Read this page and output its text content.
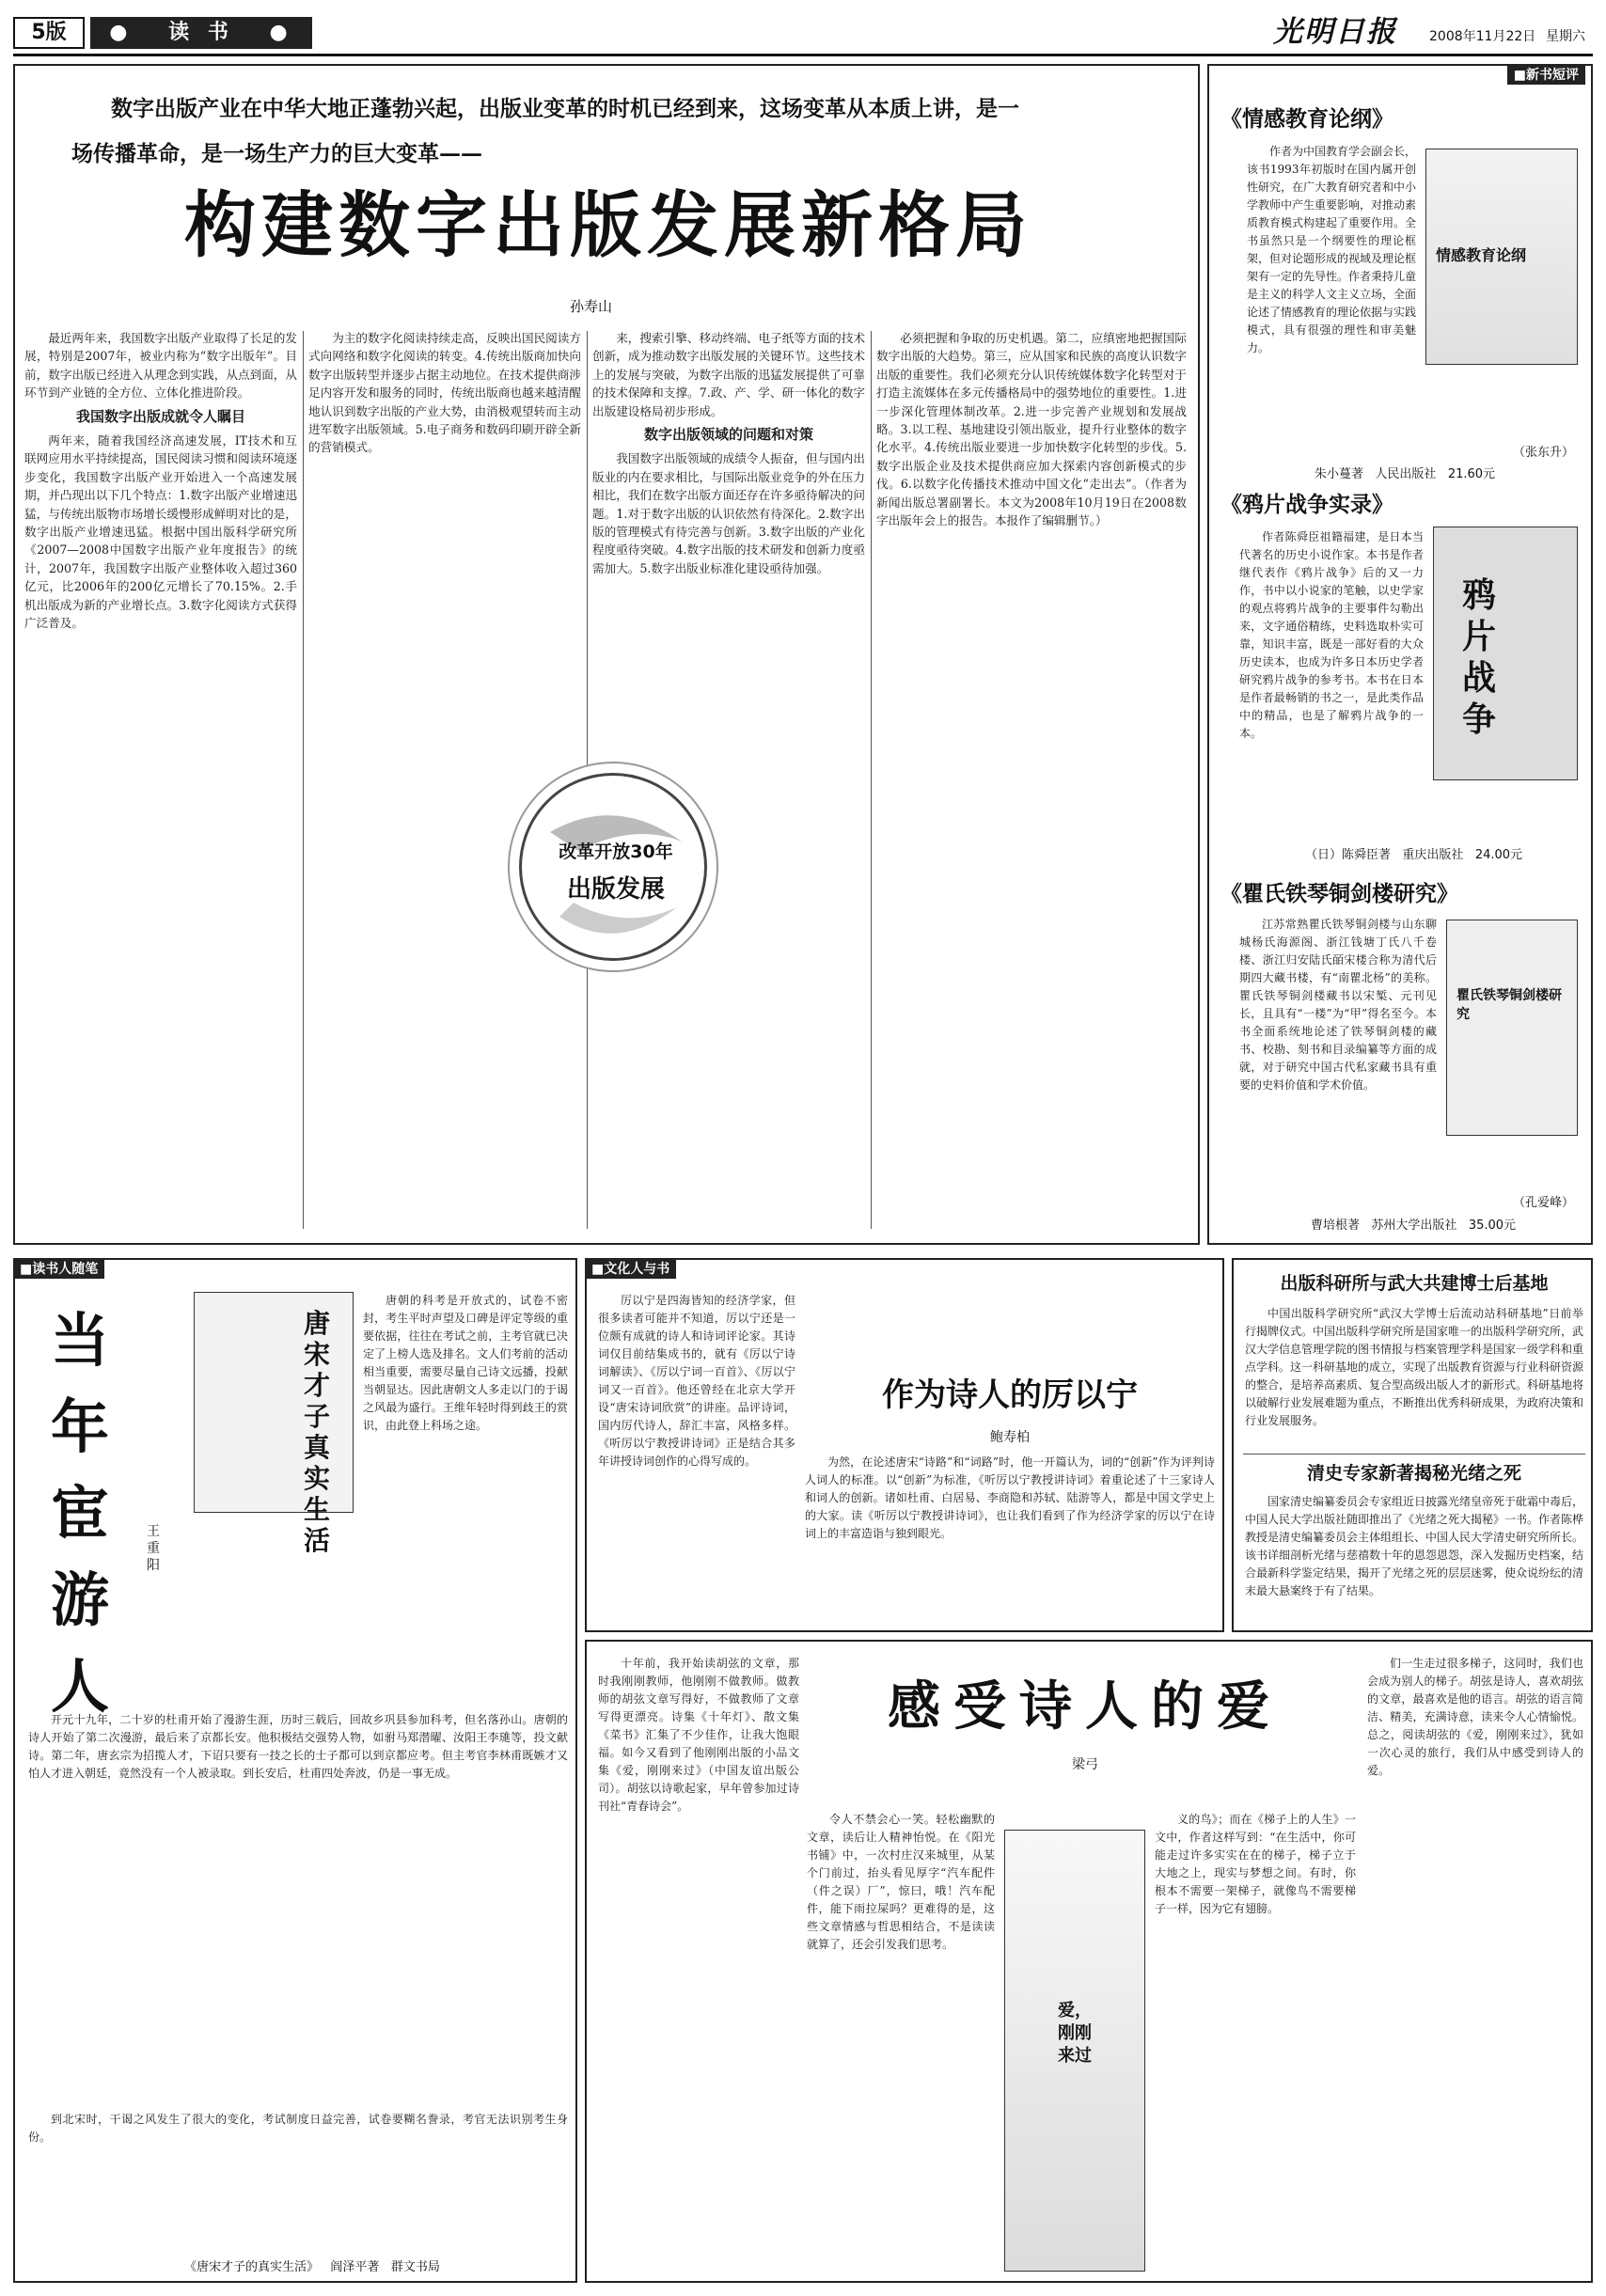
5版	● 读 书 ●	光明日报	2008年11月22日 星期六
数字出版产业在中华大地正蓬勃兴起，出版业变革的时机已经到来，这场变革从本质上讲，是一
场传播革命，是一场生产力的巨大变革——
构建数字出版发展新格局
孙寿山

最近两年来，我国数字出版产业取得了长足的发展，特别是2007年，被业内称为“数字出版年”。目前，数字出版已经进入从理念到实践，从点到面，从环节到产业链的全方位、立体化推进阶段。

我国数字出版成就令人瞩目

两年来，随着我国经济高速发展，IT技术和互联网应用水平持续提高，国民阅读习惯和阅读环境逐步变化，我国数字出版产业开始进入一个高速发展期，并凸现出以下几个特点：1.数字出版产业增速迅猛，与传统出版物市场增长缓慢形成鲜明对比的是，数字出版产业增速迅猛。根据中国出版科学研究所《2007—2008中国数字出版产业年度报告》的统计，2007年，我国数字出版产业整体收入超过360亿元，比2006年的200亿元增长了70.15%。2.手机出版成为新的产业增长点。3.数字化阅读方式获得广泛普及。

为主的数字化阅读持续走高，反映出国民阅读方式向网络和数字化阅读的转变。4.传统出版商加快向数字出版转型并逐步占据主动地位。在技术提供商涉足内容开发和服务的同时，传统出版商也越来越清醒地认识到数字出版的产业大势，由消极观望转而主动进军数字出版领域。5.电子商务和数码印刷开辟全新的营销模式。

来，搜索引擎、移动终端、电子纸等方面的技术创新，成为推动数字出版发展的关键环节。这些技术上的发展与突破，为数字出版的迅猛发展提供了可靠的技术保障和支撑。7.政、产、学、研一体化的数字出版建设格局初步形成。

数字出版领域的问题和对策

我国数字出版领域的成绩令人振奋，但与国内出版业的内在要求相比，与国际出版业竞争的外在压力相比，我们在数字出版方面还存在许多亟待解决的问题。1.对于数字出版的认识依然有待深化。2.数字出版的管理模式有待完善与创新。3.数字出版的产业化程度亟待突破。4.数字出版的技术研发和创新力度亟需加大。5.数字出版业标准化建设亟待加强。

必须把握和争取的历史机遇。第二，应缜密地把握国际数字出版的大趋势。第三，应从国家和民族的高度认识数字出版的重要性。我们必须充分认识传统媒体数字化转型对于打造主流媒体在多元传播格局中的强势地位的重要性。1.进一步深化管理体制改革。2.进一步完善产业规划和发展战略。3.以工程、基地建设引领出版业，提升行业整体的数字化水平。4.传统出版业要进一步加快数字化转型的步伐。5.数字出版企业及技术提供商应加大探索内容创新模式的步伐。6.以数字化传播技术推动中国文化“走出去”。（作者为新闻出版总署副署长。本文为2008年10月19日在2008数字出版年会上的报告。本报作了编辑删节。）

改革开放30年
出版发展
■新书短评
《情感教育论纲》
作者为中国教育学会副会长，该书1993年初版时在国内属开创性研究，在广大教育研究者和中小学教师中产生重要影响，对推动素质教育模式构建起了重要作用。全书虽然只是一个纲要性的理论框架，但对论题形成的视域及理论框架有一定的先导性。作者秉持儿童是主义的科学人文主义立场，全面论述了情感教育的理论依据与实践模式，具有很强的理性和审美魅力。
情感教育论纲
（张东升）
朱小蔓著 人民出版社 21.60元
《鸦片战争实录》
作者陈舜臣祖籍福建，是日本当代著名的历史小说作家。本书是作者继代表作《鸦片战争》后的又一力作，书中以小说家的笔触，以史学家的观点将鸦片战争的主要事件勾勒出来，文字通俗精练，史料选取朴实可靠，知识丰富，既是一部好看的大众历史读本，也成为许多日本历史学者研究鸦片战争的参考书。本书在日本是作者最畅销的书之一，是此类作品中的精品，也是了解鸦片战争的一本。
鸦片战争
（日）陈舜臣著 重庆出版社 24.00元
《瞿氏铁琴铜剑楼研究》
江苏常熟瞿氏铁琴铜剑楼与山东聊城杨氏海源阁、浙江钱塘丁氏八千卷楼、浙江归安陆氏皕宋楼合称为清代后期四大藏书楼，有“南瞿北杨”的美称。瞿氏铁琴铜剑楼藏书以宋椠、元刊见长，且具有“一楼”为“甲”得名至今。本书全面系统地论述了铁琴铜剑楼的藏书、校勘、刻书和目录编纂等方面的成就，对于研究中国古代私家藏书具有重要的史料价值和学术价值。
瞿氏铁琴铜剑楼研究
（孔爱峰）
曹培根著 苏州大学出版社 35.00元
■读书人随笔
当年宦游人
王重阳
唐宋才子真实生活
唐朝的科考是开放式的，试卷不密封，考生平时声望及口碑是评定等级的重要依据，往往在考试之前，主考官就已决定了上榜人选及排名。文人们考前的活动相当重要，需要尽量自己诗文远播，投献当朝显达。因此唐朝文人多走以门的于谒之风最为盛行。王维年轻时得到歧王的赏识，由此登上科场之途。
开元十九年，二十岁的杜甫开始了漫游生涯，历时三载后，回故乡巩县参加科考，但名落孙山。唐朝的诗人开始了第二次漫游，最后来了京都长安。他积极结交强势人物，如驸马郑潜曜、汝阳王李璡等，投文献诗。第二年，唐玄宗为招揽人才，下诏只要有一技之长的士子都可以到京都应考。但主考官李林甫既嫉才又怕人才进入朝廷，竟然没有一个人被录取。到长安后，杜甫四处奔波，仍是一事无成。
到北宋时，干谒之风发生了很大的变化，考试制度日益完善，试卷要糊名誊录，考官无法识别考生身份。
《唐宋才子的真实生活》 阎泽平著 群文书局
■文化人与书
厉以宁是四海皆知的经济学家，但很多读者可能并不知道，厉以宁还是一位颇有成就的诗人和诗词评论家。其诗词仅目前结集成书的，就有《厉以宁诗词解读》、《厉以宁词一百首》、《厉以宁词又一百首》。他还曾经在北京大学开设“唐宋诗词欣赏”的讲座。品评诗词，国内厉代诗人，辞汇丰富，风格多样。《听厉以宁教授讲诗词》正是结合其多年讲授诗词创作的心得写成的。
作为诗人的厉以宁
鲍寿柏
为然，在论述唐宋“诗路”和“词路”时，他一开篇认为，词的“创新”作为评判诗人词人的标准。以“创新”为标准，《听厉以宁教授讲诗词》着重论述了十三家诗人和词人的创新。诸如杜甫、白居易、李商隐和苏轼、陆游等人，都是中国文学史上的大家。读《听厉以宁教授讲诗词》，也让我们看到了作为经济学家的厉以宁在诗词上的丰富造诣与独到眼光。
出版科研所与武大共建博士后基地
中国出版科学研究所“武汉大学博士后流动站科研基地”日前举行揭牌仪式。中国出版科学研究所是国家唯一的出版科学研究所，武汉大学信息管理学院的图书情报与档案管理学科是国家一级学科和重点学科。这一科研基地的成立，实现了出版教育资源与行业科研资源的整合，是培养高素质、复合型高级出版人才的新形式。科研基地将以破解行业发展难题为重点，不断推出优秀科研成果，为政府决策和行业发展服务。
清史专家新著揭秘光绪之死
国家清史编纂委员会专家组近日披露光绪皇帝死于砒霜中毒后，中国人民大学出版社随即推出了《光绪之死大揭秘》一书。作者陈桦教授是清史编纂委员会主体组组长、中国人民大学清史研究所所长。该书详细剖析光绪与慈禧数十年的恩怨恩怨，深入发掘历史档案，结合最新科学鉴定结果，揭开了光绪之死的层层迷雾，使众说纷纭的清末最大悬案终于有了结果。
感受诗人的爱
梁弓
十年前，我开始读胡弦的文章，那时我刚刚教师，他刚刚不做教师。做教师的胡弦文章写得好，不做教师了文章写得更漂亮。诗集《十年灯》、散文集《菜书》汇集了不少佳作，让我大饱眼福。如今又看到了他刚刚出版的小品文集《爱，刚刚来过》（中国友谊出版公司）。胡弦以诗歌起家，早年曾参加过诗刊社“青春诗会”。
令人不禁会心一笑。轻松幽默的文章，读后让人精神怡悦。在《阳光书铺》中，一次村庄汉来城里，从某个门前过，抬头看见厚字“汽车配件（件之误）厂”，惊曰，哦！汽车配件，能下雨拉屎吗？更难得的是，这些文章情感与哲思相结合，不是读读就算了，还会引发我们思考。
爱，刚刚来过
义的鸟》；而在《梯子上的人生》一文中，作者这样写到：“在生活中，你可能走过许多实实在在的梯子，梯子立于大地之上，现实与梦想之间。有时，你根本不需要一架梯子，就像鸟不需要梯子一样，因为它有翅膀。
们一生走过很多梯子，这同时，我们也会成为别人的梯子。胡弦是诗人，喜欢胡弦的文章，最喜欢是他的语言。胡弦的语言简洁、精美，充满诗意，读来令人心情愉悦。总之，阅读胡弦的《爱，刚刚来过》，犹如一次心灵的旅行，我们从中感受到诗人的爱。
